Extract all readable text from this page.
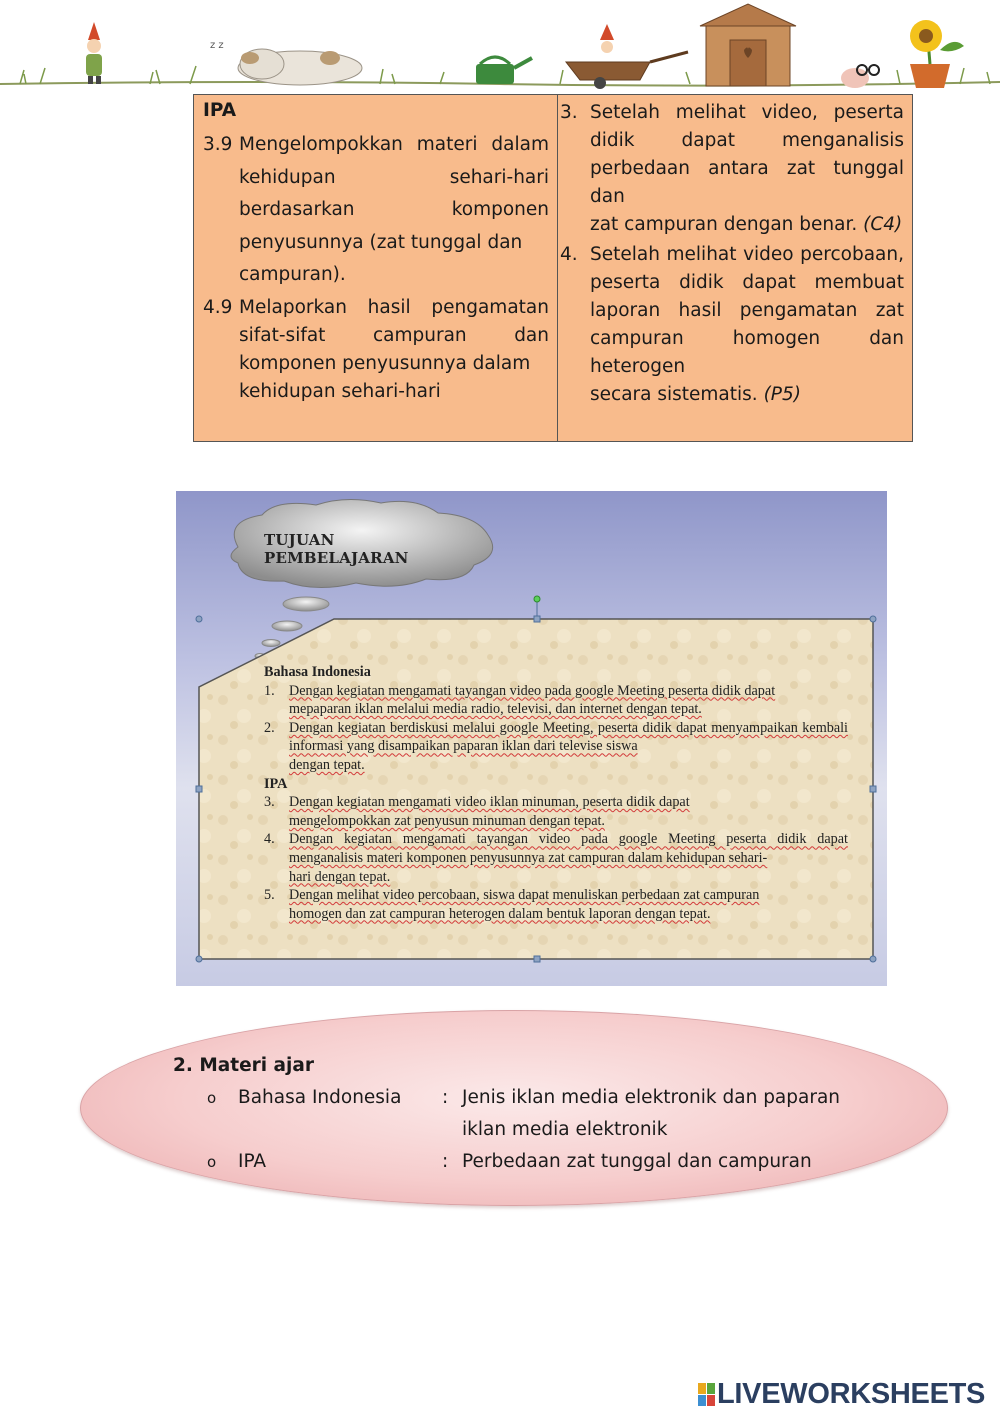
z z
IPA
3.9 Mengelompokkan materi dalam kehidupan sehari-hari berdasarkan komponen penyusunnya (zat tunggal dan
campuran).
4.9 Melaporkan hasil pengamatan sifat-sifat campuran dan komponen penyusunnya dalam
kehidupan sehari-hari
3. Setelah melihat video, peserta didik dapat menganalisis perbedaan antara zat tunggal dan
zat campuran dengan benar. (C4)
4. Setelah melihat video percobaan, peserta didik dapat membuat laporan hasil pengamatan zat campuran homogen dan heterogen
secara sistematis. (P5)
TUJUAN PEMBELAJARAN
Bahasa Indonesia
1.	Dengan kegiatan mengamati tayangan video pada google Meeting peserta didik dapat
mepaparan iklan melalui media radio, televisi, dan internet dengan tepat.
2.	Dengan kegiatan berdiskusi melalui google Meeting, peserta didik dapat menyampaikan kembali informasi yang disampaikan paparan iklan dari televise siswa
dengan tepat.
IPA
3.	Dengan kegiatan mengamati video iklan minuman, peserta didik dapat
mengelompokkan zat penyusun minuman dengan tepat.
4.	Dengan kegiatan mengamati tayangan video pada google Meeting peserta didik dapat menganalisis materi komponen penyusunnya zat campuran dalam kehidupan sehari-
hari dengan tepat.
5.	Dengan melihat video percobaan, siswa dapat menuliskan perbedaan zat campuran
homogen dan zat campuran heterogen dalam bentuk laporan dengan tepat.
2. Materi ajar
o	Bahasa Indonesia	: Jenis iklan media elektronik dan paparan
iklan media elektronik
o	IPA	: Perbedaan zat tunggal dan campuran
LIVEWORKSHEETS
